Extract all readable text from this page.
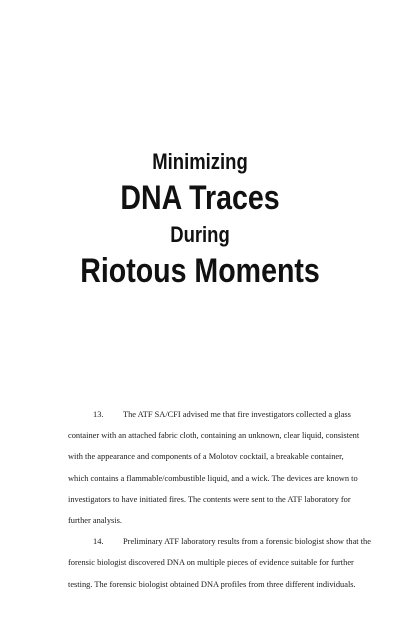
Minimizing
DNA Traces
During
Riotous Moments
13. The ATF SA/CFI advised me that fire investigators collected a glass
container with an attached fabric cloth, containing an unknown, clear liquid, consistent
with the appearance and components of a Molotov cocktail, a breakable container,
which contains a flammable/combustible liquid, and a wick. The devices are known to
investigators to have initiated fires. The contents were sent to the ATF laboratory for
further analysis.
14. Preliminary ATF laboratory results from a forensic biologist show that the
forensic biologist discovered DNA on multiple pieces of evidence suitable for further
testing. The forensic biologist obtained DNA profiles from three different individuals.
